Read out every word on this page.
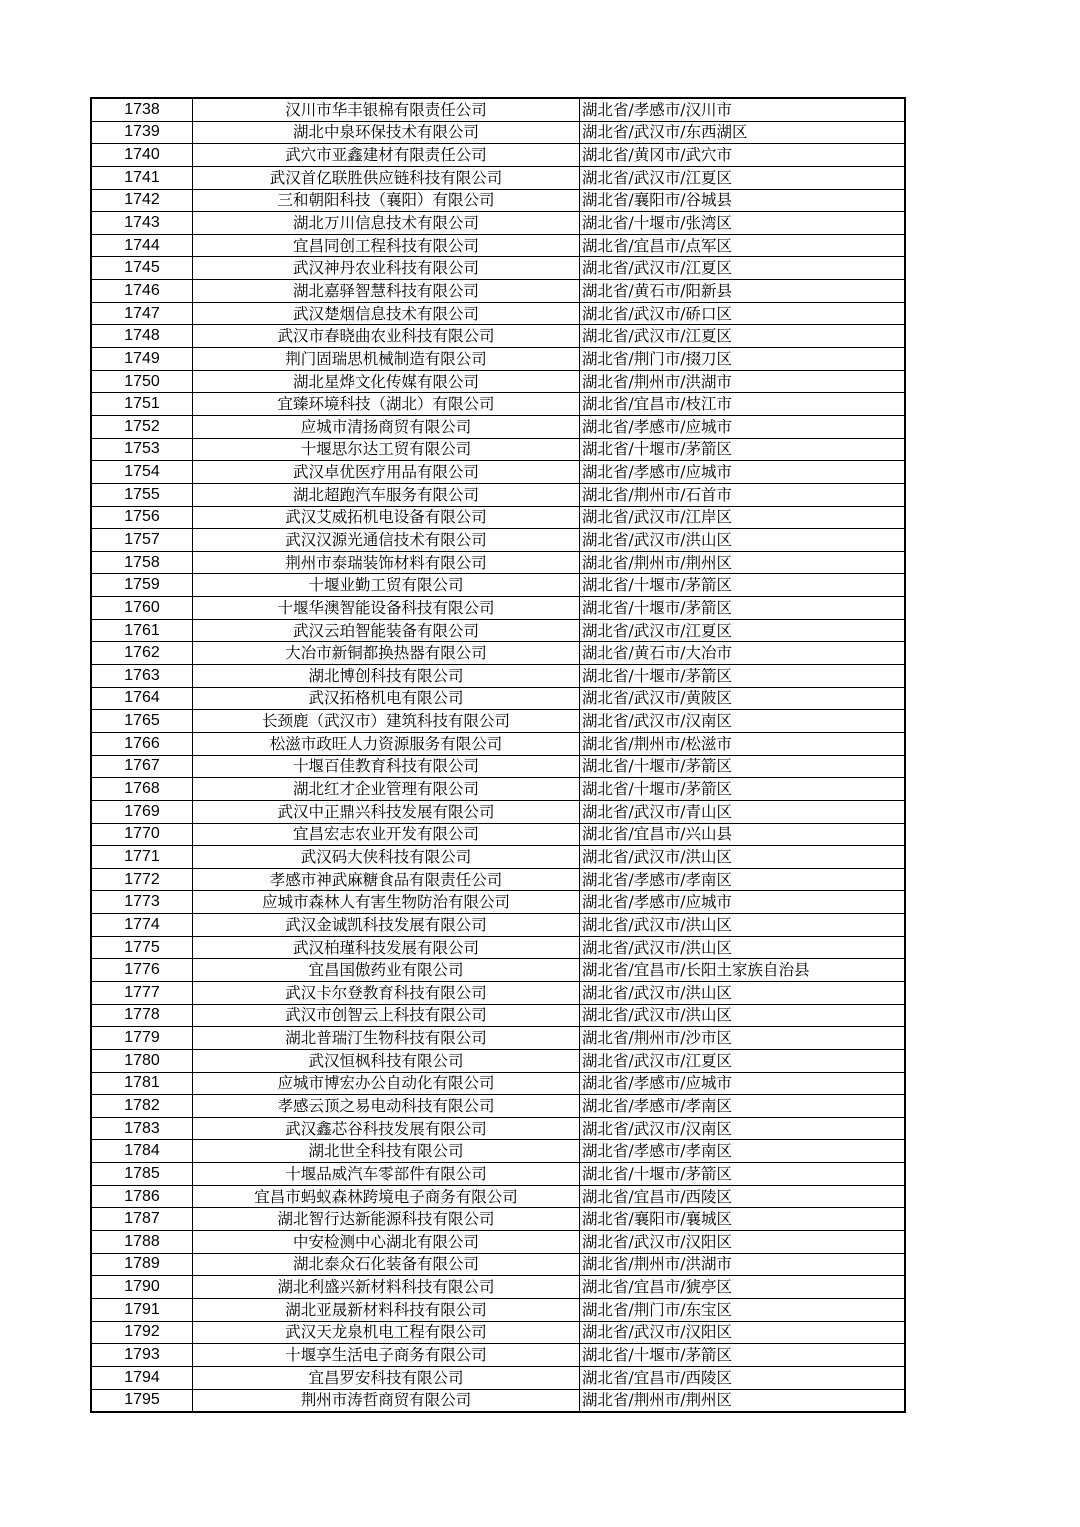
1738	汉川市华丰银棉有限责任公司	湖北省/孝感市/汉川市
1739	湖北中泉环保技术有限公司	湖北省/武汉市/东西湖区
1740	武穴市亚鑫建材有限责任公司	湖北省/黄冈市/武穴市
1741	武汉首亿联胜供应链科技有限公司	湖北省/武汉市/江夏区
1742	三和朝阳科技（襄阳）有限公司	湖北省/襄阳市/谷城县
1743	湖北万川信息技术有限公司	湖北省/十堰市/张湾区
1744	宜昌同创工程科技有限公司	湖北省/宜昌市/点军区
1745	武汉神丹农业科技有限公司	湖北省/武汉市/江夏区
1746	湖北嘉驿智慧科技有限公司	湖北省/黄石市/阳新县
1747	武汉楚烟信息技术有限公司	湖北省/武汉市/硚口区
1748	武汉市春晓曲农业科技有限公司	湖北省/武汉市/江夏区
1749	荆门固瑞思机械制造有限公司	湖北省/荆门市/掇刀区
1750	湖北星烨文化传媒有限公司	湖北省/荆州市/洪湖市
1751	宜臻环境科技（湖北）有限公司	湖北省/宜昌市/枝江市
1752	应城市清扬商贸有限公司	湖北省/孝感市/应城市
1753	十堰思尔达工贸有限公司	湖北省/十堰市/茅箭区
1754	武汉卓优医疗用品有限公司	湖北省/孝感市/应城市
1755	湖北超跑汽车服务有限公司	湖北省/荆州市/石首市
1756	武汉艾威拓机电设备有限公司	湖北省/武汉市/江岸区
1757	武汉汉源光通信技术有限公司	湖北省/武汉市/洪山区
1758	荆州市泰瑞装饰材料有限公司	湖北省/荆州市/荆州区
1759	十堰业勤工贸有限公司	湖北省/十堰市/茅箭区
1760	十堰华澳智能设备科技有限公司	湖北省/十堰市/茅箭区
1761	武汉云珀智能装备有限公司	湖北省/武汉市/江夏区
1762	大冶市新铜都换热器有限公司	湖北省/黄石市/大冶市
1763	湖北博创科技有限公司	湖北省/十堰市/茅箭区
1764	武汉拓格机电有限公司	湖北省/武汉市/黄陂区
1765	长颈鹿（武汉市）建筑科技有限公司	湖北省/武汉市/汉南区
1766	松滋市政旺人力资源服务有限公司	湖北省/荆州市/松滋市
1767	十堰百佳教育科技有限公司	湖北省/十堰市/茅箭区
1768	湖北红才企业管理有限公司	湖北省/十堰市/茅箭区
1769	武汉中正鼎兴科技发展有限公司	湖北省/武汉市/青山区
1770	宜昌宏志农业开发有限公司	湖北省/宜昌市/兴山县
1771	武汉码大侠科技有限公司	湖北省/武汉市/洪山区
1772	孝感市神武麻糖食品有限责任公司	湖北省/孝感市/孝南区
1773	应城市森林人有害生物防治有限公司	湖北省/孝感市/应城市
1774	武汉金诚凯科技发展有限公司	湖北省/武汉市/洪山区
1775	武汉柏瑾科技发展有限公司	湖北省/武汉市/洪山区
1776	宜昌国傲药业有限公司	湖北省/宜昌市/长阳土家族自治县
1777	武汉卡尔登教育科技有限公司	湖北省/武汉市/洪山区
1778	武汉市创智云上科技有限公司	湖北省/武汉市/洪山区
1779	湖北普瑞汀生物科技有限公司	湖北省/荆州市/沙市区
1780	武汉恒枫科技有限公司	湖北省/武汉市/江夏区
1781	应城市博宏办公自动化有限公司	湖北省/孝感市/应城市
1782	孝感云顶之易电动科技有限公司	湖北省/孝感市/孝南区
1783	武汉鑫芯谷科技发展有限公司	湖北省/武汉市/汉南区
1784	湖北世全科技有限公司	湖北省/孝感市/孝南区
1785	十堰品威汽车零部件有限公司	湖北省/十堰市/茅箭区
1786	宜昌市蚂蚁森林跨境电子商务有限公司	湖北省/宜昌市/西陵区
1787	湖北智行达新能源科技有限公司	湖北省/襄阳市/襄城区
1788	中安检测中心湖北有限公司	湖北省/武汉市/汉阳区
1789	湖北泰众石化装备有限公司	湖北省/荆州市/洪湖市
1790	湖北利盛兴新材料科技有限公司	湖北省/宜昌市/猇亭区
1791	湖北亚晟新材料科技有限公司	湖北省/荆门市/东宝区
1792	武汉天龙泉机电工程有限公司	湖北省/武汉市/汉阳区
1793	十堰享生活电子商务有限公司	湖北省/十堰市/茅箭区
1794	宜昌罗安科技有限公司	湖北省/宜昌市/西陵区
1795	荆州市涛哲商贸有限公司	湖北省/荆州市/荆州区
